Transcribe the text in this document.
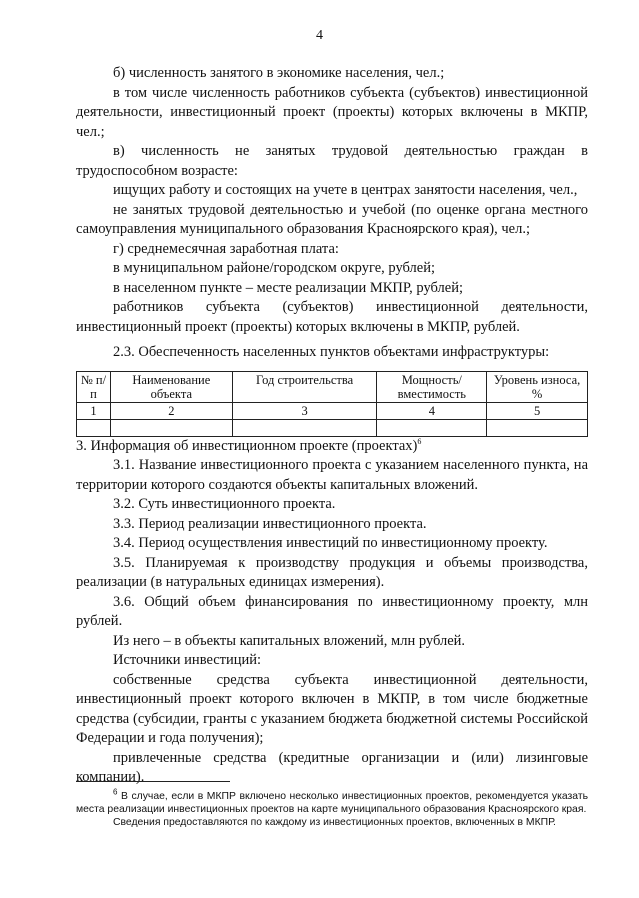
4

б) численность занятого в экономике населения, чел.;

в том числе численность работников субъекта (субъектов) инвестиционной деятельности, инвестиционный проект (проекты) которых включены в МКПР, чел.;

в) численность не занятых трудовой деятельностью граждан в трудоспособном возрасте:

ищущих работу и состоящих на учете в центрах занятости населения, чел.,

не занятых трудовой деятельностью и учебой (по оценке органа местного самоуправления муниципального образования Красноярского края), чел.;

г) среднемесячная заработная плата:

в муниципальном районе/городском округе, рублей;

в населенном пункте – месте реализации МКПР, рублей;

работников субъекта (субъектов) инвестиционной деятельности, инвестиционный проект (проекты) которых включены в МКПР, рублей.

2.3. Обеспеченность населенных пунктов объектами инфраструктуры:

№ п/п	Наименование объекта	Год строительства	Мощность/ вместимость	Уровень износа, %
1	2	3	4	5

3. Информация об инвестиционном проекте (проектах)$^6$

3.1. Название инвестиционного проекта с указанием населенного пункта, на территории которого создаются объекты капитальных вложений.

3.2. Суть инвестиционного проекта.

3.3. Период реализации инвестиционного проекта.

3.4. Период осуществления инвестиций по инвестиционному проекту.

3.5. Планируемая к производству продукция и объемы производства, реализации (в натуральных единицах измерения).

3.6. Общий объем финансирования по инвестиционному проекту, млн рублей.

Из него – в объекты капитальных вложений, млн рублей.

Источники инвестиций:

собственные средства субъекта инвестиционной деятельности, инвестиционный проект которого включен в МКПР, в том числе бюджетные средства (субсидии, гранты с указанием бюджета бюджетной системы Российской Федерации и года получения);

привлеченные средства (кредитные организации и (или) лизинговые компании).

$^6$ В случае, если в МКПР включено несколько инвестиционных проектов, рекомендуется указать места реализации инвестиционных проектов на карте муниципального образования Красноярского края.

Сведения предоставляются по каждому из инвестиционных проектов, включенных в МКПР.
